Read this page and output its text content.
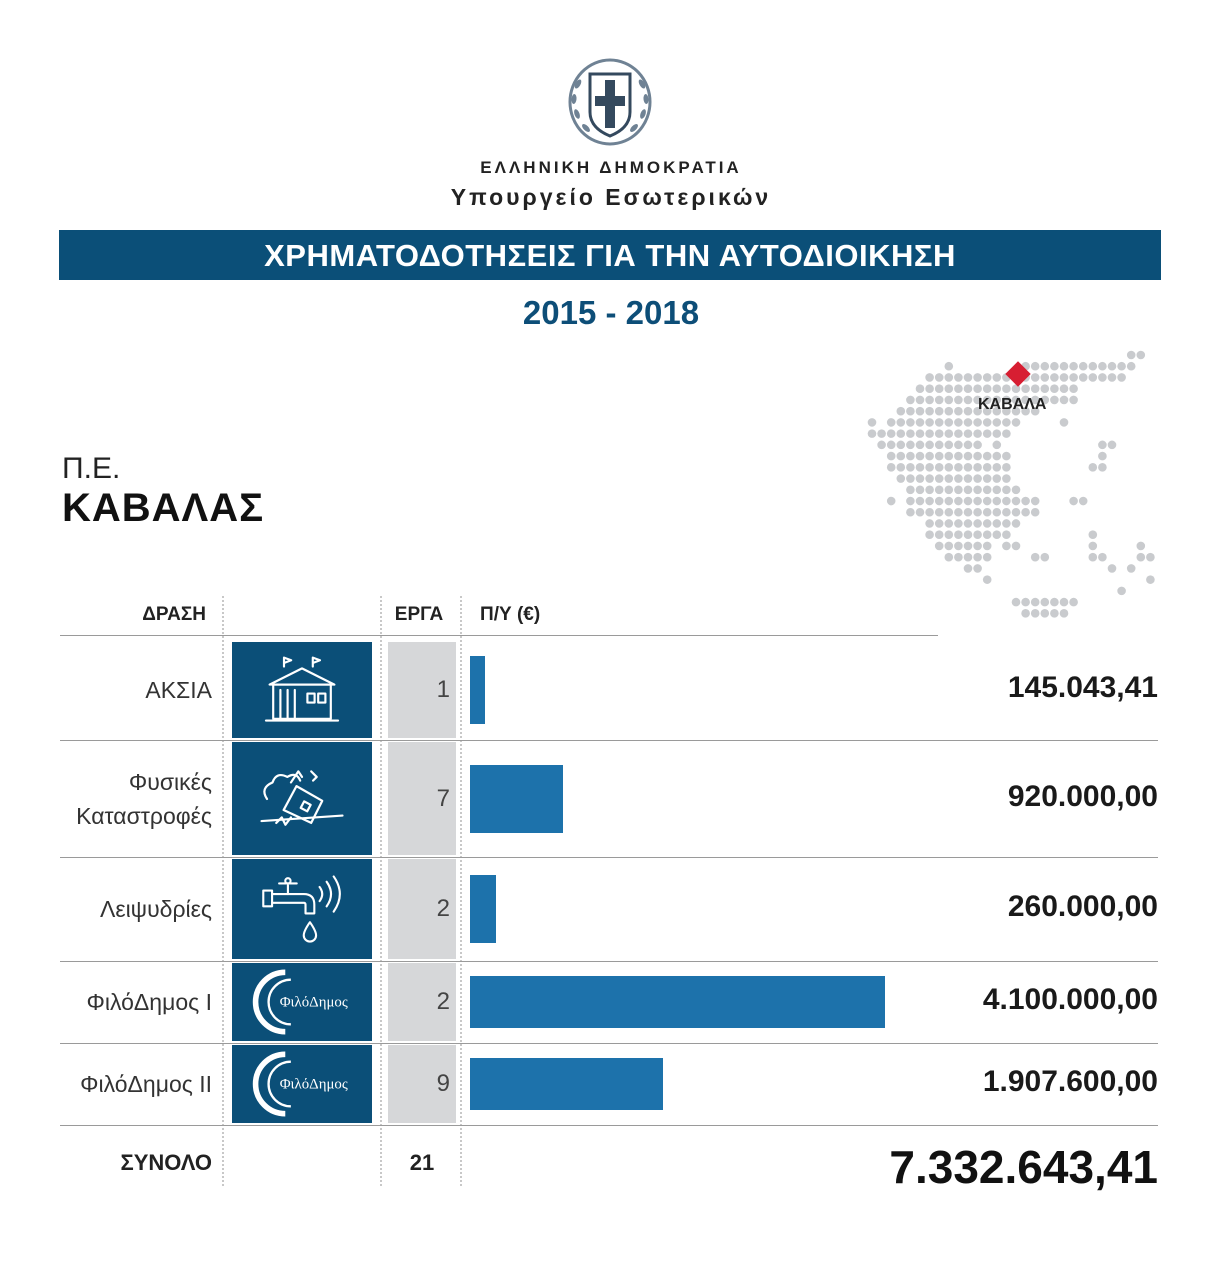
ΕΛΛΗΝΙΚΗ ΔΗΜΟΚΡΑΤΙΑ
Υπουργείο Εσωτερικών
ΧΡΗΜΑΤΟΔΟΤΗΣΕΙΣ ΓΙΑ ΤΗΝ ΑΥΤΟΔΙΟΙΚΗΣΗ
2015 - 2018
Π.Ε.
ΚΑΒΑΛΑΣ
ΚΑΒΑΛΑ
ΔΡΑΣΗ	ΕΡΓΑ	Π/Υ (€)
ΑΚΣΙΑ	1	145.043,41
Φυσικές
Καταστροφές
7	920.000,00
Λειψυδρίες	2	260.000,00
ΦιλόΔημος Ι	ΦιλόΔημος	2	4.100.000,00
ΦιλόΔημος ΙΙ	ΦιλόΔημος	9	1.907.600,00
ΣΥΝΟΛΟ	21	7.332.643,41
